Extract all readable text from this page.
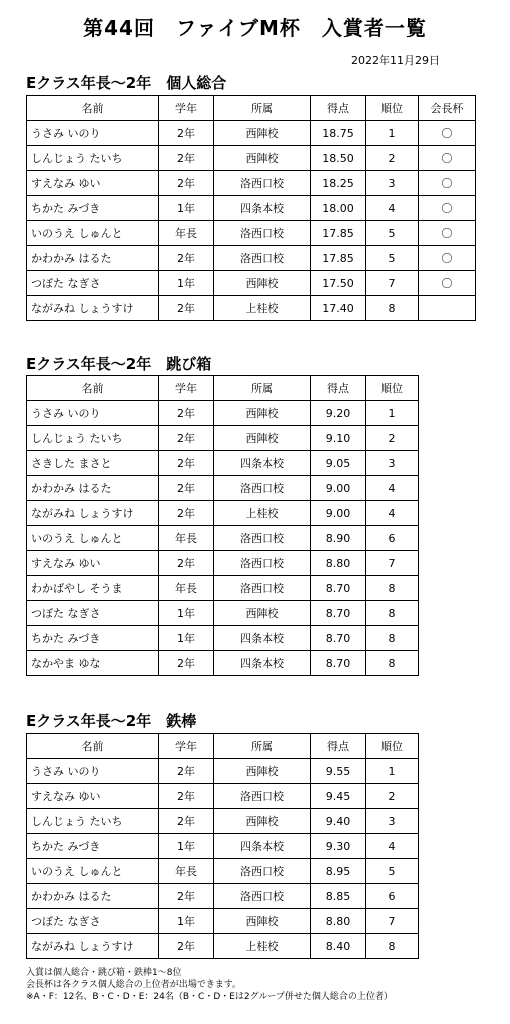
第44回　ファイブM杯　入賞者一覧
2022年11月29日
Eクラス年長～2年　個人総合
名前	学年	所属	得点	順位	会長杯
うさみ いのり	2年	西陣校	18.75	1	〇
しんじょう たいち	2年	西陣校	18.50	2	〇
すえなみ ゆい	2年	洛西口校	18.25	3	〇
ちかた みづき	1年	四条本校	18.00	4	〇
いのうえ しゅんと	年長	洛西口校	17.85	5	〇
かわかみ はるた	2年	洛西口校	17.85	5	〇
つぼた なぎさ	1年	西陣校	17.50	7	〇
ながみね しょうすけ	2年	上桂校	17.40	8	
Eクラス年長～2年　跳び箱
名前	学年	所属	得点	順位
うさみ いのり	2年	西陣校	9.20	1
しんじょう たいち	2年	西陣校	9.10	2
さきした まさと	2年	四条本校	9.05	3
かわかみ はるた	2年	洛西口校	9.00	4
ながみね しょうすけ	2年	上桂校	9.00	4
いのうえ しゅんと	年長	洛西口校	8.90	6
すえなみ ゆい	2年	洛西口校	8.80	7
わかばやし そうま	年長	洛西口校	8.70	8
つぼた なぎさ	1年	西陣校	8.70	8
ちかた みづき	1年	四条本校	8.70	8
なかやま ゆな	2年	四条本校	8.70	8
Eクラス年長～2年　鉄棒
名前	学年	所属	得点	順位
うさみ いのり	2年	西陣校	9.55	1
すえなみ ゆい	2年	洛西口校	9.45	2
しんじょう たいち	2年	西陣校	9.40	3
ちかた みづき	1年	四条本校	9.30	4
いのうえ しゅんと	年長	洛西口校	8.95	5
かわかみ はるた	2年	洛西口校	8.85	6
つぼた なぎさ	1年	西陣校	8.80	7
ながみね しょうすけ	2年	上桂校	8.40	8
入賞は個人総合・跳び箱・鉄棒1～8位
会長杯は各クラス個人総合の上位者が出場できます。
※A・F：12名、B・C・D・E：24名（B・C・D・Eは2グループ併せた個人総合の上位者）
